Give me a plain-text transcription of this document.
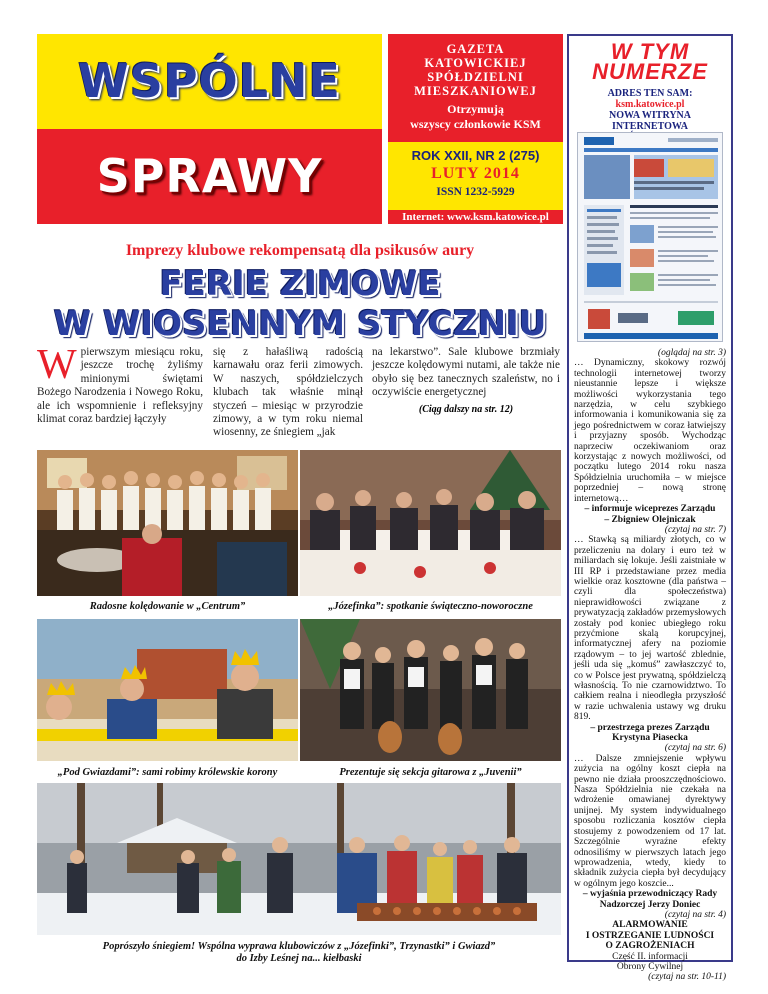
WSPÓLNE
SPRAWY
GAZETA
KATOWICKIEJ
SPÓŁDZIELNI
MIESZKANIOWEJ
Otrzymują
wszyscy członkowie KSM
ROK XXII, NR 2 (275)
LUTY 2014
ISSN 1232-5929
Internet: www.ksm.katowice.pl
W TYM
NUMERZE
ADRES TEN SAM:
ksm.katowice.pl
NOWA WITRYNA
INTERNETOWA

(oglądaj na str. 3)

… Dynamiczny, skokowy rozwój technologii internetowej tworzy nieustannie lepsze i większe możliwości wykorzystania tego narzędzia, w celu szybkiego informowania i komunikowania się za jego pośrednictwem w coraz łatwiejszy i przyjazny sposób. Wychodząc naprzeciw oczekiwaniom oraz korzystając z nowych możliwości, od początku lutego 2014 roku nasza Spółdzielnia uruchomiła – w miejsce poprzedniej – nową stronę internetową…

– informuje wiceprezes Zarządu

– Zbigniew Olejniczak

(czytaj na str. 7)

… Stawką są miliardy złotych, co w przeliczeniu na dolary i euro też w miliardach się lokuje. Jeśli zaistniałe w III RP i przedstawiane przez media wielkie oraz kosztowne (dla państwa – czyli dla społeczeństwa) nieprawidłowości związane z prywatyzacją zakładów przemysłowych zostały pod koniec ubiegłego roku przyćmione skalą korupcyjnej, informatycznej afery na poziomie rządowym – to jej wartość zblednie, jeśli uda się „komuś” zawłaszczyć to, co w Polsce jest prywatną, spółdzielczą własnością. To nie czarnowidztwo. To całkiem realna i nieodległa przyszłość w razie uchwalenia ustawy wg druku 819.

– przestrzega prezes Zarządu

Krystyna Piasecka

(czytaj na str. 6)

… Dalsze zmniejszenie wpływu zużycia na ogólny koszt ciepła na pewno nie działa prooszczędnościowo. Nasza Spółdzielnia nie czekała na wdrożenie omawianej dyrektywy unijnej. My system indywidualnego sposobu rozliczania kosztów ciepła stosujemy z powodzeniem od 17 lat. Szczególnie wyraźne efekty odnosiliśmy w pierwszych latach jego wprowadzenia, wtedy, kiedy to składnik zużycia ciepła był decydujący w ogólnym jego koszcie...

– wyjaśnia przewodniczący Rady

Nadzorczej Jerzy Doniec

(czytaj na str. 4)

ALARMOWANIE

I OSTRZEGANIE LUDNOŚCI

O ZAGROŻENIACH

Część II. informacji

Obrony Cywilnej

(czytaj na str. 10-11)

Imprezy klubowe rekompensatą dla psikusów aury
FERIE ZIMOWE
W WIOSENNYM STYCZNIU
Wpierwszym miesiącu roku, jeszcze trochę żyliśmy minionymi świętami Bożego Narodzenia i Nowego Roku, ale ich wspomnienie i refleksyjny klimat coraz bardziej łączyły
się z hałaśliwą radością karnawału oraz ferii zimowych. W naszych, spółdzielczych klubach tak właśnie minął styczeń – miesiąc w przyrodzie zimowy, a w tym roku niemal wiosenny, ze śniegiem „jak
na lekarstwo”. Sale klubowe brzmiały jeszcze kolędowymi nutami, ale także nie obyło się bez tanecznych szaleństw, no i oczywiście energetycznej
(Ciąg dalszy na str. 12)
Radosne kolędowanie w „Centrum”	„Józefinka”: spotkanie świąteczno-noworoczne
„Pod Gwiazdami”: sami robimy królewskie korony	Prezentuje się sekcja gitarowa z „Juvenii”
Poprószyło śniegiem! Wspólna wyprawa klubowiczów z „Józefinki”, Trzynastki” i Gwiazd”
do Izby Leśnej na... kiełbaski
